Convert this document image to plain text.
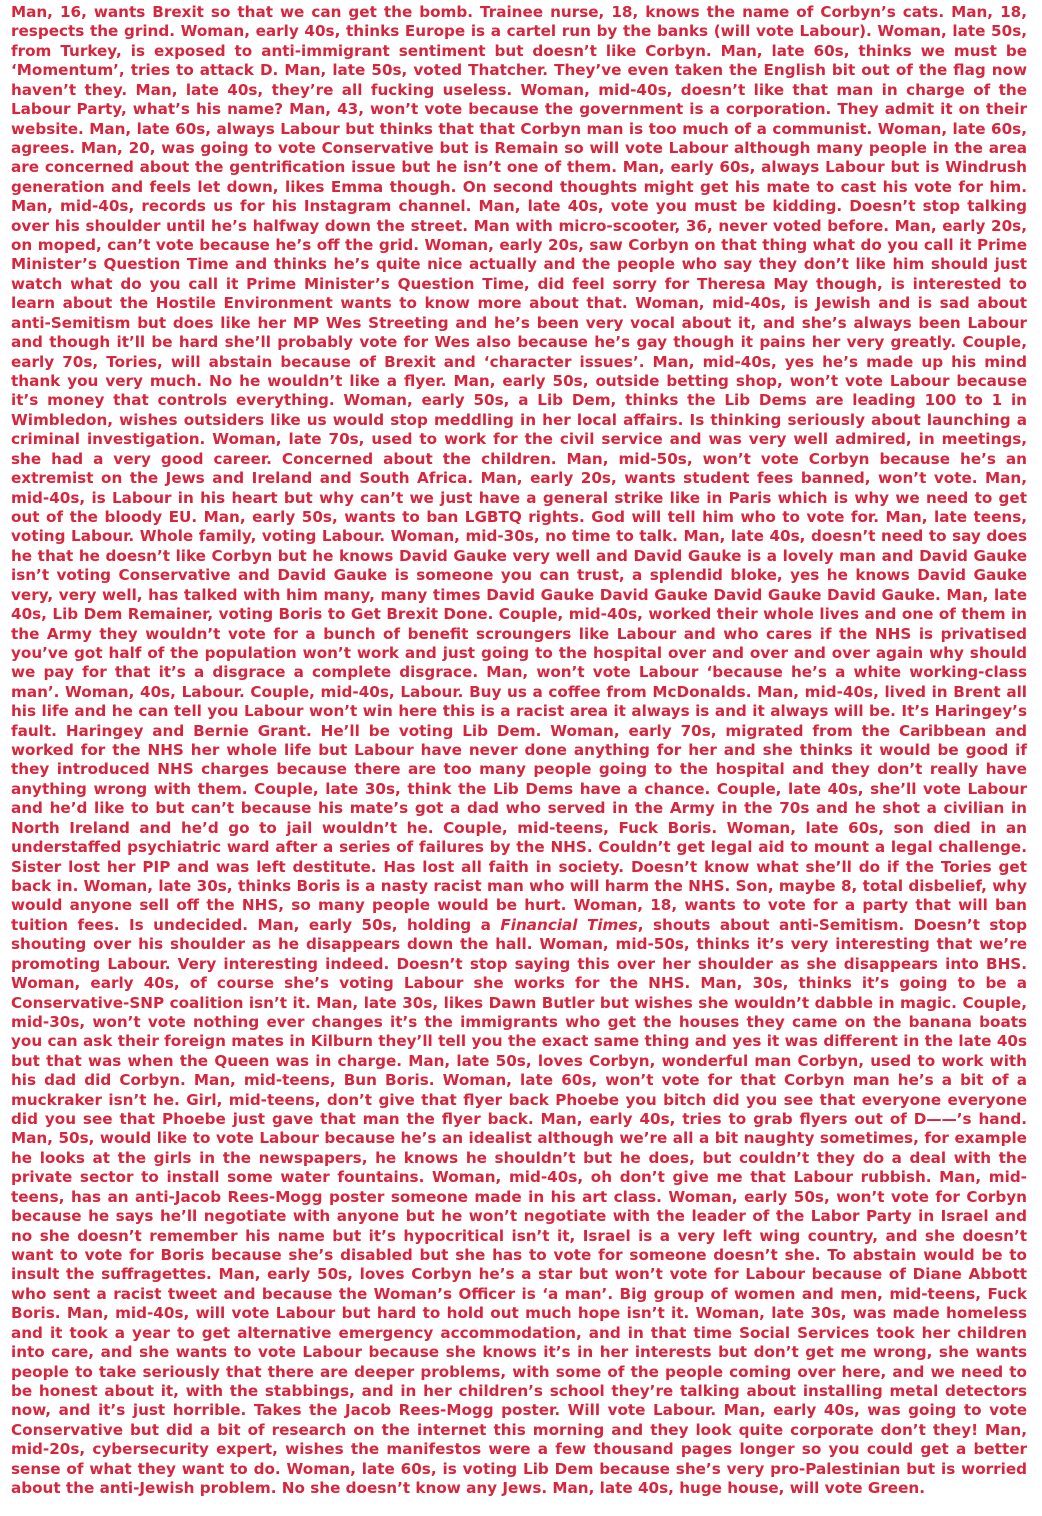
Man, 16, wants Brexit so that we can get the bomb. Trainee nurse, 18, knows the name of Corbyn’s cats. Man, 18, respects the grind. Woman, early 40s, thinks Europe is a cartel run by the banks (will vote Labour). Woman, late 50s, from Turkey, is exposed to anti-immigrant sentiment but doesn’t like Corbyn. Man, late 60s, thinks we must be ‘Momentum’, tries to attack D. Man, late 50s, voted Thatcher. They’ve even taken the English bit out of the flag now haven’t they. Man, late 40s, they’re all fucking useless. Woman, mid-40s, doesn’t like that man in charge of the Labour Party, what’s his name? Man, 43, won’t vote because the government is a corporation. They admit it on their website. Man, late 60s, always Labour but thinks that that Corbyn man is too much of a communist. Woman, late 60s, agrees. Man, 20, was going to vote Conservative but is Remain so will vote Labour although many people in the area are concerned about the gentrification issue but he isn’t one of them. Man, early 60s, always Labour but is Windrush generation and feels let down, likes Emma though. On second thoughts might get his mate to cast his vote for him. Man, mid-40s, records us for his Instagram channel. Man, late 40s, vote you must be kidding. Doesn’t stop talking over his shoulder until he’s halfway down the street. Man with micro-scooter, 36, never voted before. Man, early 20s, on moped, can’t vote because he’s off the grid. Woman, early 20s, saw Corbyn on that thing what do you call it Prime Minister’s Question Time and thinks he’s quite nice actually and the people who say they don’t like him should just watch what do you call it Prime Minister’s Question Time, did feel sorry for Theresa May though, is interested to learn about the Hostile Environment wants to know more about that. Woman, mid-40s, is Jewish and is sad about anti-Semitism but does like her MP Wes Streeting and he’s been very vocal about it, and she’s always been Labour and though it’ll be hard she’ll probably vote for Wes also because he’s gay though it pains her very greatly. Couple, early 70s, Tories, will abstain because of Brexit and ‘character issues’. Man, mid-40s, yes he’s made up his mind thank you very much. No he wouldn’t like a flyer. Man, early 50s, outside betting shop, won’t vote Labour because it’s money that controls everything. Woman, early 50s, a Lib Dem, thinks the Lib Dems are leading 100 to 1 in Wimbledon, wishes outsiders like us would stop meddling in her local affairs. Is thinking seriously about launching a criminal investigation. Woman, late 70s, used to work for the civil service and was very well admired, in meetings, she had a very good career. Concerned about the children. Man, mid-50s, won’t vote Corbyn because he’s an extremist on the Jews and Ireland and South Africa. Man, early 20s, wants student fees banned, won’t vote. Man, mid-40s, is Labour in his heart but why can’t we just have a general strike like in Paris which is why we need to get out of the bloody EU. Man, early 50s, wants to ban LGBTQ rights. God will tell him who to vote for. Man, late teens, voting Labour. Whole family, voting Labour. Woman, mid-30s, no time to talk. Man, late 40s, doesn’t need to say does he that he doesn’t like Corbyn but he knows David Gauke very well and David Gauke is a lovely man and David Gauke isn’t voting Conservative and David Gauke is someone you can trust, a splendid bloke, yes he knows David Gauke very, very well, has talked with him many, many times David Gauke David Gauke David Gauke David Gauke. Man, late 40s, Lib Dem Remainer, voting Boris to Get Brexit Done. Couple, mid-40s, worked their whole lives and one of them in the Army they wouldn’t vote for a bunch of benefit scroungers like Labour and who cares if the NHS is privatised you’ve got half of the population won’t work and just going to the hospital over and over and over again why should we pay for that it’s a disgrace a complete disgrace. Man, won’t vote Labour ‘because he’s a white working-class man’. Woman, 40s, Labour. Couple, mid-40s, Labour. Buy us a coffee from McDonalds. Man, mid-40s, lived in Brent all his life and he can tell you Labour won’t win here this is a racist area it always is and it always will be. It’s Haringey’s fault. Haringey and Bernie Grant. He’ll be voting Lib Dem. Woman, early 70s, migrated from the Caribbean and worked for the NHS her whole life but Labour have never done anything for her and she thinks it would be good if they introduced NHS charges because there are too many people going to the hospital and they don’t really have anything wrong with them. Couple, late 30s, think the Lib Dems have a chance. Couple, late 40s, she’ll vote Labour and he’d like to but can’t because his mate’s got a dad who served in the Army in the 70s and he shot a civilian in North Ireland and he’d go to jail wouldn’t he. Couple, mid-teens, Fuck Boris. Woman, late 60s, son died in an understaffed psychiatric ward after a series of failures by the NHS. Couldn’t get legal aid to mount a legal challenge. Sister lost her PIP and was left destitute. Has lost all faith in society. Doesn’t know what she’ll do if the Tories get back in. Woman, late 30s, thinks Boris is a nasty racist man who will harm the NHS. Son, maybe 8, total disbelief, why would anyone sell off the NHS, so many people would be hurt. Woman, 18, wants to vote for a party that will ban tuition fees. Is undecided. Man, early 50s, holding a Financial Times, shouts about anti-Semitism. Doesn’t stop shouting over his shoulder as he disappears down the hall. Woman, mid-50s, thinks it’s very interesting that we’re promoting Labour. Very interesting indeed. Doesn’t stop saying this over her shoulder as she disappears into BHS. Woman, early 40s, of course she’s voting Labour she works for the NHS. Man, 30s, thinks it’s going to be a Conservative-SNP coalition isn’t it. Man, late 30s, likes Dawn Butler but wishes she wouldn’t dabble in magic. Couple, mid-30s, won’t vote nothing ever changes it’s the immigrants who get the houses they came on the banana boats you can ask their foreign mates in Kilburn they’ll tell you the exact same thing and yes it was different in the late 40s but that was when the Queen was in charge. Man, late 50s, loves Corbyn, wonderful man Corbyn, used to work with his dad did Corbyn. Man, mid-teens, Bun Boris. Woman, late 60s, won’t vote for that Corbyn man he’s a bit of a muckraker isn’t he. Girl, mid-teens, don’t give that flyer back Phoebe you bitch did you see that everyone everyone did you see that Phoebe just gave that man the flyer back. Man, early 40s, tries to grab flyers out of D——’s hand. Man, 50s, would like to vote Labour because he’s an idealist although we’re all a bit naughty sometimes, for example he looks at the girls in the newspapers, he knows he shouldn’t but he does, but couldn’t they do a deal with the private sector to install some water fountains. Woman, mid-40s, oh don’t give me that Labour rubbish. Man, mid-teens, has an anti-Jacob Rees-Mogg poster someone made in his art class. Woman, early 50s, won’t vote for Corbyn because he says he’ll negotiate with anyone but he won’t negotiate with the leader of the Labor Party in Israel and no she doesn’t remember his name but it’s hypocritical isn’t it, Israel is a very left wing country, and she doesn’t want to vote for Boris because she’s disabled but she has to vote for someone doesn’t she. To abstain would be to insult the suffragettes. Man, early 50s, loves Corbyn he’s a star but won’t vote for Labour because of Diane Abbott who sent a racist tweet and because the Woman’s Officer is ‘a man’. Big group of women and men, mid-teens, Fuck Boris. Man, mid-40s, will vote Labour but hard to hold out much hope isn’t it. Woman, late 30s, was made homeless and it took a year to get alternative emergency accommodation, and in that time Social Services took her children into care, and she wants to vote Labour because she knows it’s in her interests but don’t get me wrong, she wants people to take seriously that there are deeper problems, with some of the people coming over here, and we need to be honest about it, with the stabbings, and in her children’s school they’re talking about installing metal detectors now, and it’s just horrible. Takes the Jacob Rees-Mogg poster. Will vote Labour. Man, early 40s, was going to vote Conservative but did a bit of research on the internet this morning and they look quite corporate don’t they! Man, mid-20s, cybersecurity expert, wishes the manifestos were a few thousand pages longer so you could get a better sense of what they want to do. Woman, late 60s, is voting Lib Dem because she’s very pro-Palestinian but is worried about the anti-Jewish problem. No she doesn’t know any Jews. Man, late 40s, huge house, will vote Green.
